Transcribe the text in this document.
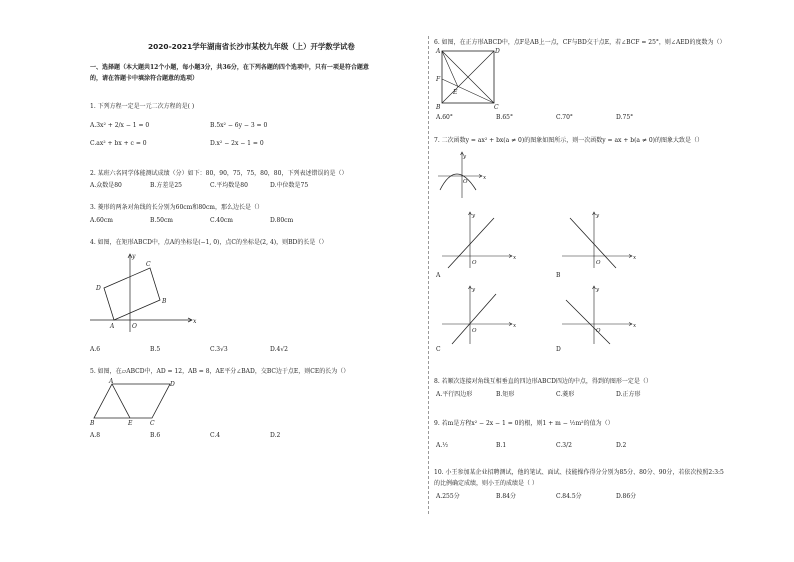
2020-2021学年湖南省长沙市某校九年级（上）开学数学试卷
一、选择题（本大题共12个小题，每小题3分，共36分，在下列各题的四个选项中，只有一项是符合题意
的，请在答题卡中填涂符合题意的选项）
1. 下列方程一定是一元二次方程的是( )
A.3x² + 2/x − 1 = 0	B.5x² − 6y − 3 = 0
C.ax² + bx + c = 0	D.x² − 2x − 1 = 0
2. 某班六名同学体能测试成绩（分）如下：80，90，75，75，80，80，下列表述错误的是（）
A.众数是80	B.方差是25	C.平均数是80	D.中位数是75
3. 菱形的两条对角线的长分别为60cm和80cm，那么边长是（）
A.60cm	B.50cm	C.40cm	D.80cm
4. 如图，在矩形ABCD中，点A的坐标是(−1, 0)，点C的坐标是(2, 4)，则BD的长是（）
y
x
O
A
B
C
D
A.6	B.5	C.3√3	D.4√2
5. 如图，在▱ABCD中，AD = 12，AB = 8，AE平分∠BAD，交BC边于点E，则CE的长为（）
A	D
B	E	C
A.8	B.6	C.4	D.2
6. 如图，在正方形ABCD中，点F是AB上一点，CF与BD交于点E，若∠BCF = 25°，则∠AED的度数为（）
A	D
F
E
B	C
A.60°	B.65°	C.70°	D.75°
7. 二次函数y = ax² + bx(a ≠ 0)的图象如图所示，则一次函数y = ax + b(a ≠ 0)的图象大致是（）
y
x
O
y
x
O
A
y
x
O
B
y
x
O
C
y
x
O
D
8. 若顺次连接对角线互相垂直的四边形ABCD四边的中点，得到的图形一定是（）
A.平行四边形	B.矩形	C.菱形	D.正方形
9. 若m是方程x² − 2x − 1 = 0的根，则1 + m − ½m²的值为（）
A.½	B.1	C.3/2	D.2
10. 小王参加某企业招聘测试，他的笔试、面试、技能操作得分分别为85分、80分、90分，若依次按照2:3:5
的比例确定成绩，则小王的成绩是（ ）
A.255分	B.84分	C.84.5分	D.86分
